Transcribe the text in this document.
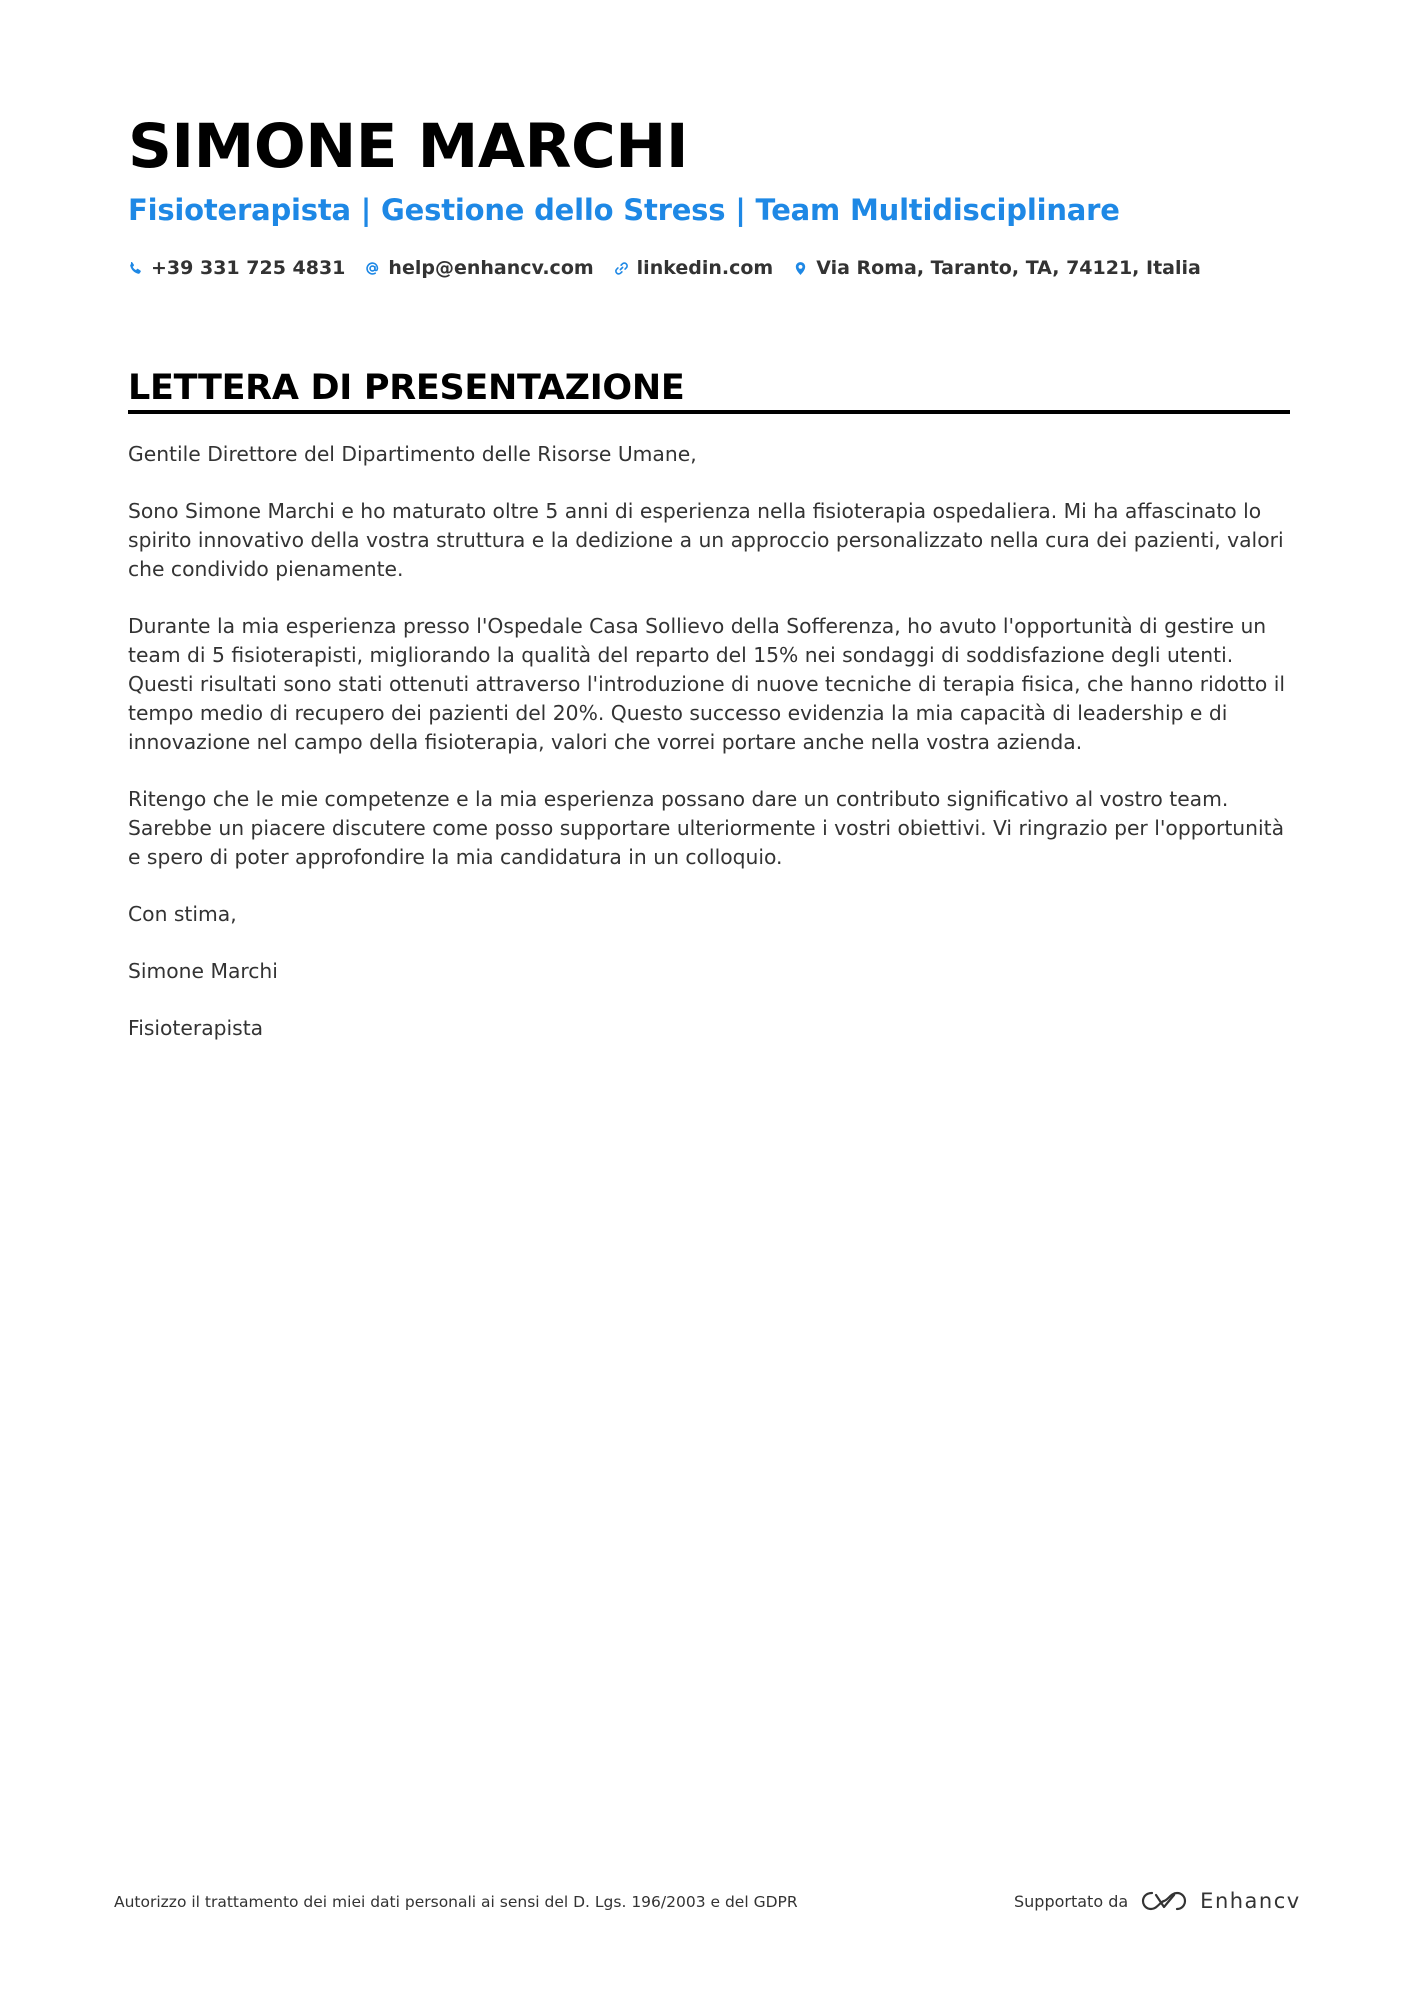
SIMONE MARCHI
Fisioterapista | Gestione dello Stress | Team Multidisciplinare
+39 331 725 4831 help@enhancv.com linkedin.com Via Roma, Taranto, TA, 74121, Italia
LETTERA DI PRESENTAZIONE

Gentile Direttore del Dipartimento delle Risorse Umane,

Sono Simone Marchi e ho maturato oltre 5 anni di esperienza nella fisioterapia ospedaliera. Mi ha affascinato lo spirito innovativo della vostra struttura e la dedizione a un approccio personalizzato nella cura dei pazienti, valori che condivido pienamente.

Durante la mia esperienza presso l'Ospedale Casa Sollievo della Sofferenza, ho avuto l'opportunità di gestire un team di 5 fisioterapisti, migliorando la qualità del reparto del 15% nei sondaggi di soddisfazione degli utenti. Questi risultati sono stati ottenuti attraverso l'introduzione di nuove tecniche di terapia fisica, che hanno ridotto il tempo medio di recupero dei pazienti del 20%. Questo successo evidenzia la mia capacità di leadership e di innovazione nel campo della fisioterapia, valori che vorrei portare anche nella vostra azienda.

Ritengo che le mie competenze e la mia esperienza possano dare un contributo significativo al vostro team. Sarebbe un piacere discutere come posso supportare ulteriormente i vostri obiettivi. Vi ringrazio per l'opportunità e spero di poter approfondire la mia candidatura in un colloquio.

Con stima,

Simone Marchi

Fisioterapista

Autorizzo il trattamento dei miei dati personali ai sensi del D. Lgs. 196/2003 e del GDPR	Supportato da	Enhancv
